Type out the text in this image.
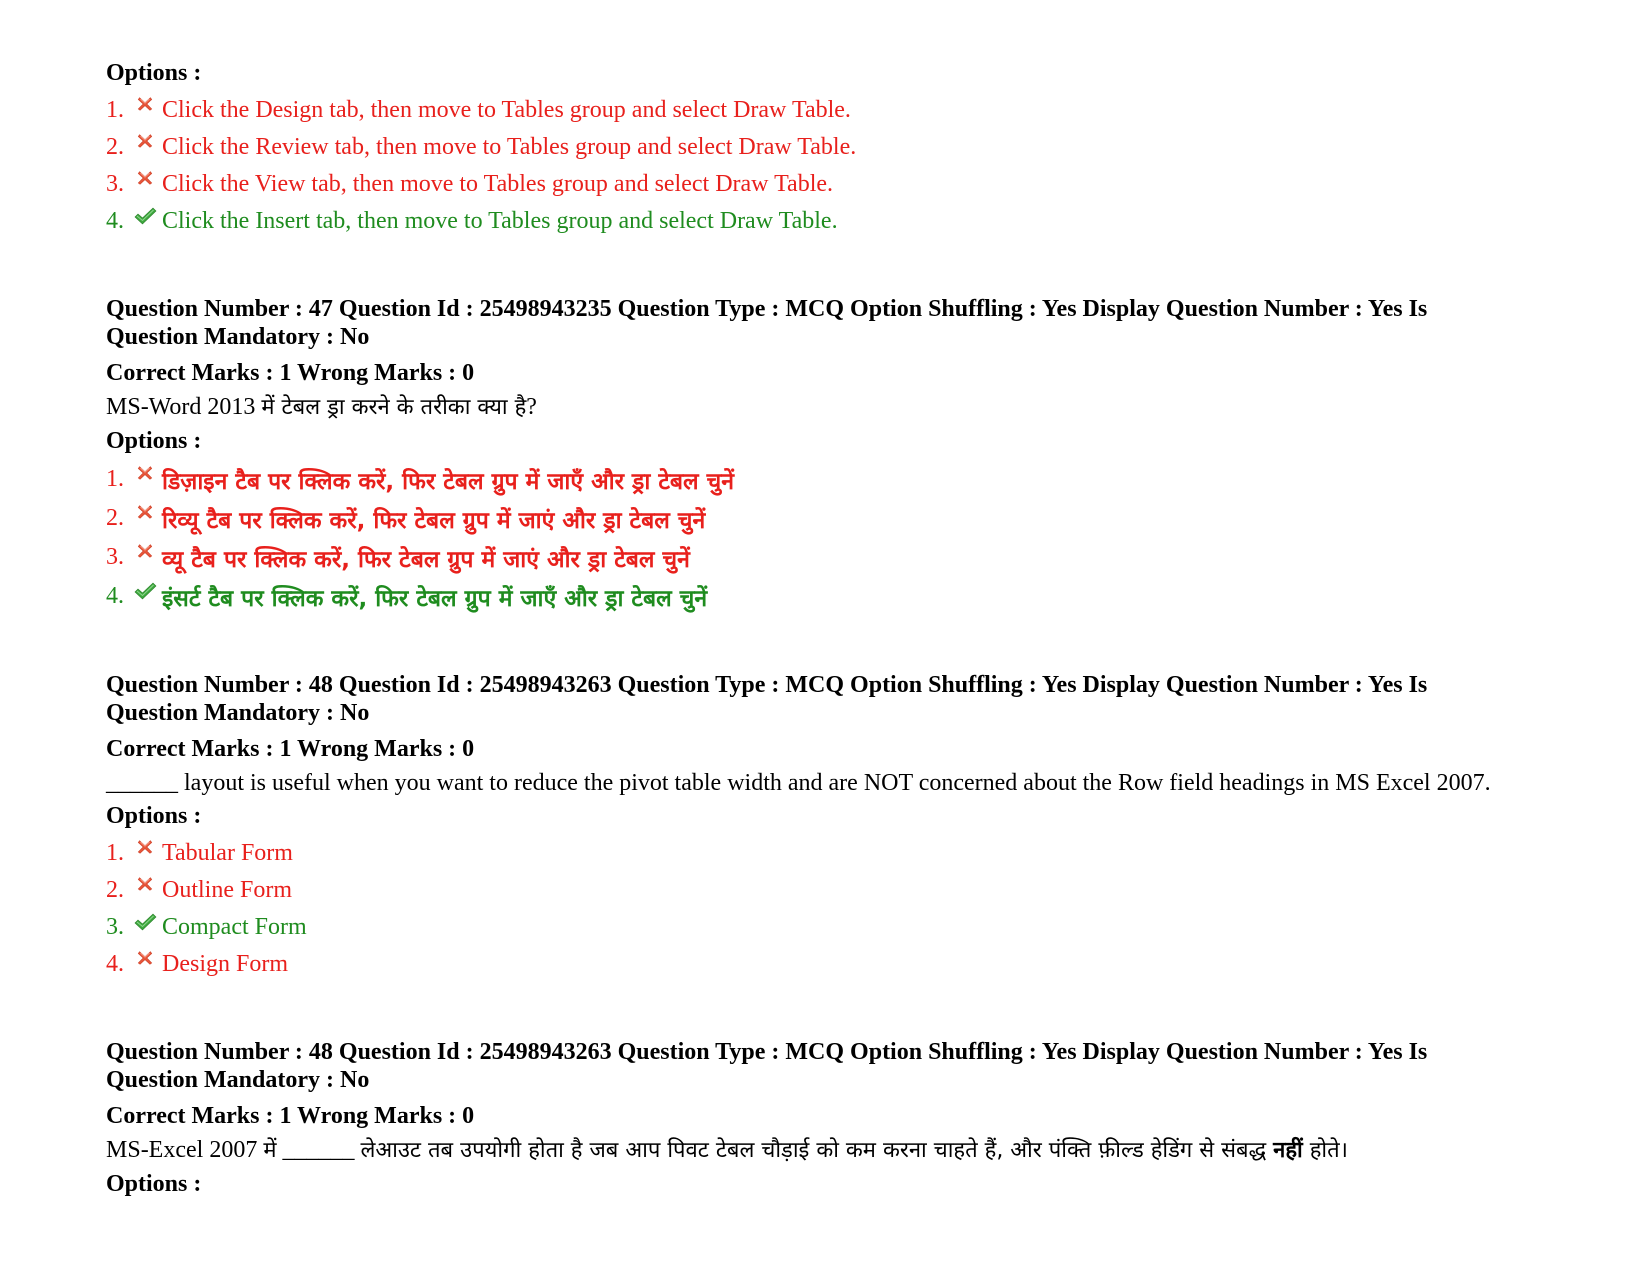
Options :
1. Click the Design tab, then move to Tables group and select Draw Table.
2. Click the Review tab, then move to Tables group and select Draw Table.
3. Click the View tab, then move to Tables group and select Draw Table.
4. Click the Insert tab, then move to Tables group and select Draw Table.
Question Number : 47 Question Id : 25498943235 Question Type : MCQ Option Shuffling : Yes Display Question Number : Yes Is
Question Mandatory : No
Correct Marks : 1 Wrong Marks : 0
MS-Word 2013 में टेबल ड्रा करने के तरीका क्या है?
Options :
1. डिज़ाइन टैब पर क्लिक करें, फिर टेबल ग्रुप में जाएँ और ड्रा टेबल चुनें
2. रिव्यू टैब पर क्लिक करें, फिर टेबल ग्रुप में जाएं और ड्रा टेबल चुनें
3. व्यू टैब पर क्लिक करें, फिर टेबल ग्रुप में जाएं और ड्रा टेबल चुनें
4. इंसर्ट टैब पर क्लिक करें, फिर टेबल ग्रुप में जाएँ और ड्रा टेबल चुनें
Question Number : 48 Question Id : 25498943263 Question Type : MCQ Option Shuffling : Yes Display Question Number : Yes Is
Question Mandatory : No
Correct Marks : 1 Wrong Marks : 0
______ layout is useful when you want to reduce the pivot table width and are NOT concerned about the Row field headings in MS Excel 2007.
Options :
1. Tabular Form
2. Outline Form
3. Compact Form
4. Design Form
Question Number : 48 Question Id : 25498943263 Question Type : MCQ Option Shuffling : Yes Display Question Number : Yes Is
Question Mandatory : No
Correct Marks : 1 Wrong Marks : 0
MS-Excel 2007 में ______ लेआउट तब उपयोगी होता है जब आप पिवट टेबल चौड़ाई को कम करना चाहते हैं, और पंक्ति फ़ील्ड हेडिंग से संबद्ध नहीं होते।
Options :
